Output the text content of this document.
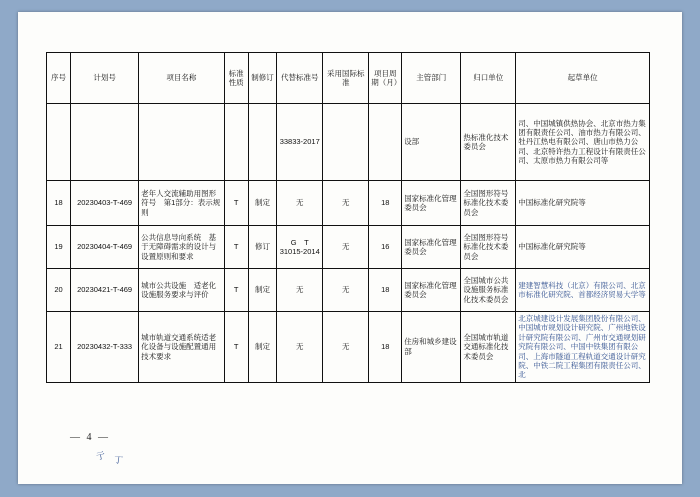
序号	计划号	项目名称	标准性质	制修订	代替标准号	采用国际标准	项目周期（月）	主管部门	归口单位	起草单位
					33833-2017			设部	热标准化技术委员会	司、中国城镇供热协会、北京市热力集团有限责任公司、油市热力有限公司、牡丹江热电有限公司、唐山市热力公司、北京特许热力工程设计有限责任公司、太原市热力有限公司等
18	20230403-T-469	老年人交流辅助用图形符号　第1部分：表示规则	T	制定	无	无	18	国家标准化管理委员会	全国图形符号标准化技术委员会	中国标准化研究院等
19	20230404-T-469	公共信息导向系统　基于无障碍需求的设计与设置原则和要求	T	修订	G　T 31015-2014	无	16	国家标准化管理委员会	全国图形符号标准化技术委员会	中国标准化研究院等
20	20230421-T-469	城市公共设施　适老化设施服务要求与评价	T	制定	无	无	18	国家标准化管理委员会	全国城市公共设施服务标准化技术委员会	建建智慧科技（北京）有限公司、北京市标准化研究院、首都经济贸易大学等
21	20230432-T-333	城市轨道交通系统适老化设备与设施配置通用技术要求	T	制定	无	无	18	住房和城乡建设部	全国城市轨道交通标准化技术委员会	北京城建设计发展集团股份有限公司、中国城市规划设计研究院、广州地铁设计研究院有限公司、广州市交通规划研究院有限公司、中国中铁集团有限公司、上海市隧道工程轨道交通设计研究院、中铁二院工程集团有限责任公司、北
— 4 —
亍 丁
